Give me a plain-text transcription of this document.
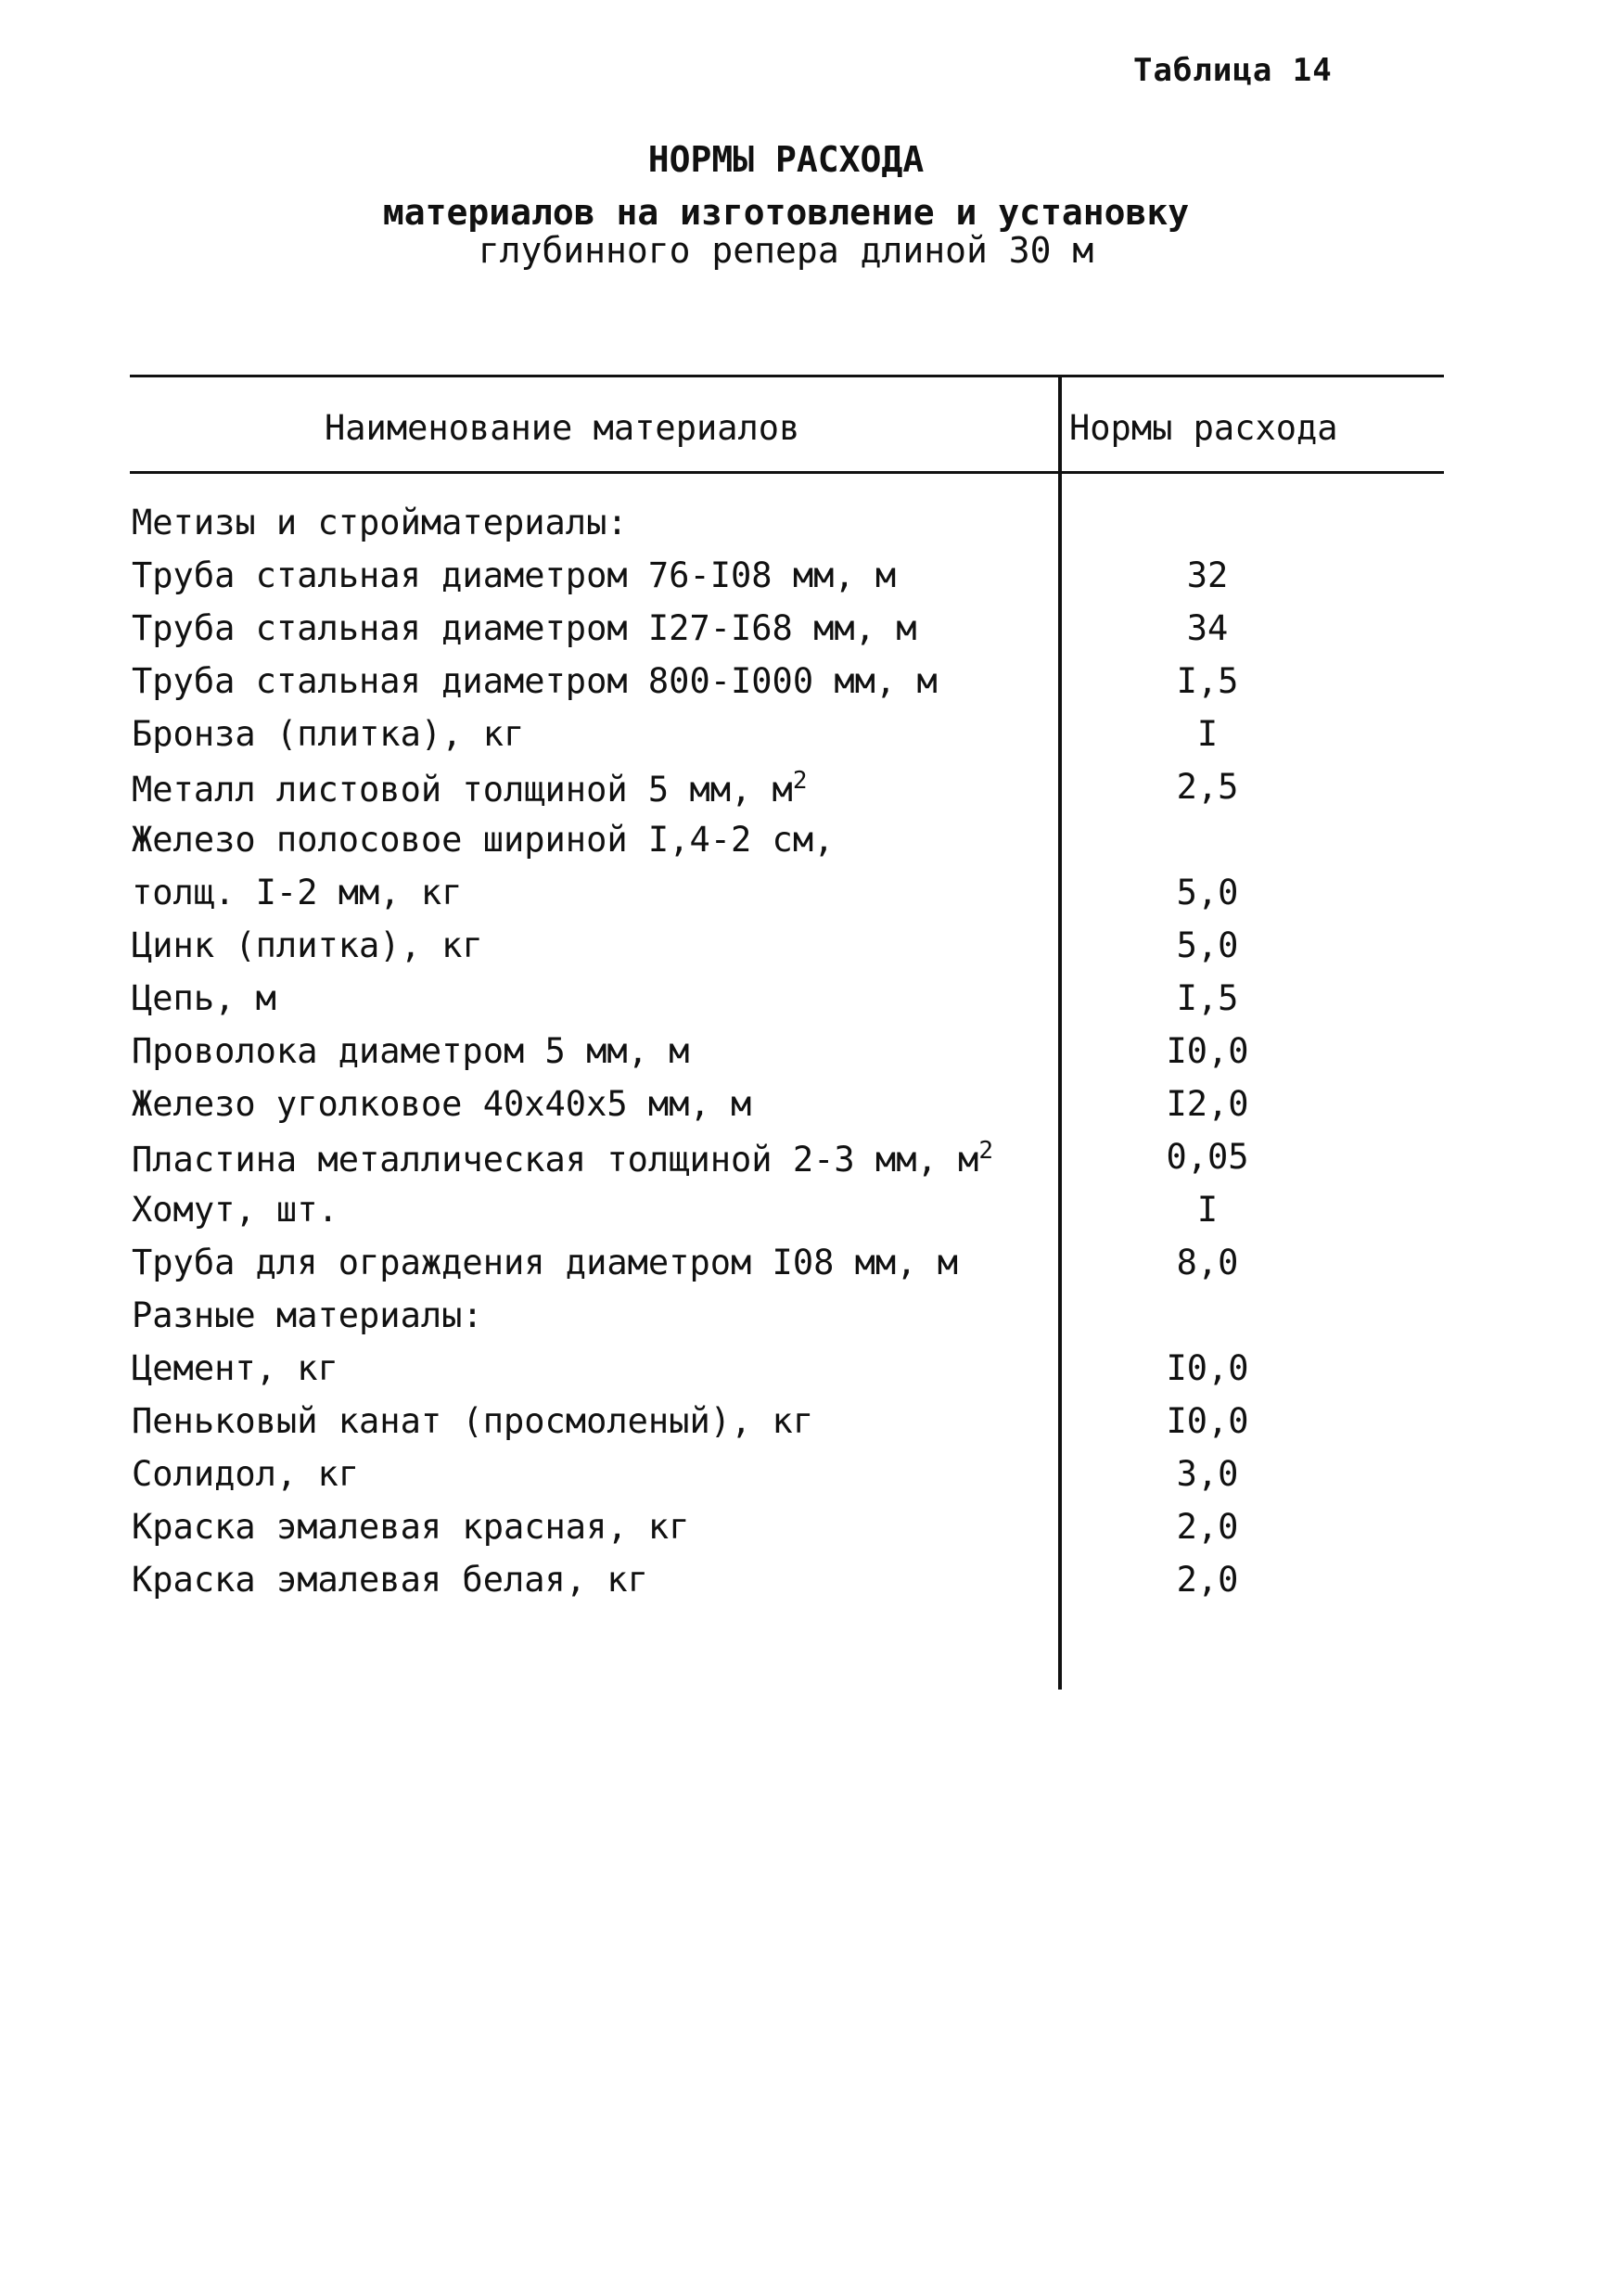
Таблица 14
НОРМЫ РАСХОДА
материалов на изготовление и установку
глубинного репера длиной 30 м
Наименование материалов	Нормы расхода
Метизы и стройматериалы:
Труба стальная диаметром 76-I08 мм, м	32
Труба стальная диаметром I27-I68 мм, м	34
Труба стальная диаметром 800-I000 мм, м	I,5
Бронза (плитка), кг	I
Металл листовой толщиной 5 мм, $м^2$	2,5
Железо полосовое шириной I,4-2 см,
толщ. I-2 мм, кг	5,0
Цинк (плитка), кг	5,0
Цепь, м	I,5
Проволока диаметром 5 мм, м	I0,0
Железо уголковое 40х40х5 мм, м	I2,0
Пластина металлическая толщиной 2-3 мм, $м^2$	0,05
Хомут, шт.	I
Труба для ограждения диаметром I08 мм, м	8,0
Разные материалы:
Цемент, кг	I0,0
Пеньковый канат (просмоленый), кг	I0,0
Солидол, кг	3,0
Краска эмалевая красная, кг	2,0
Краска эмалевая белая, кг	2,0
